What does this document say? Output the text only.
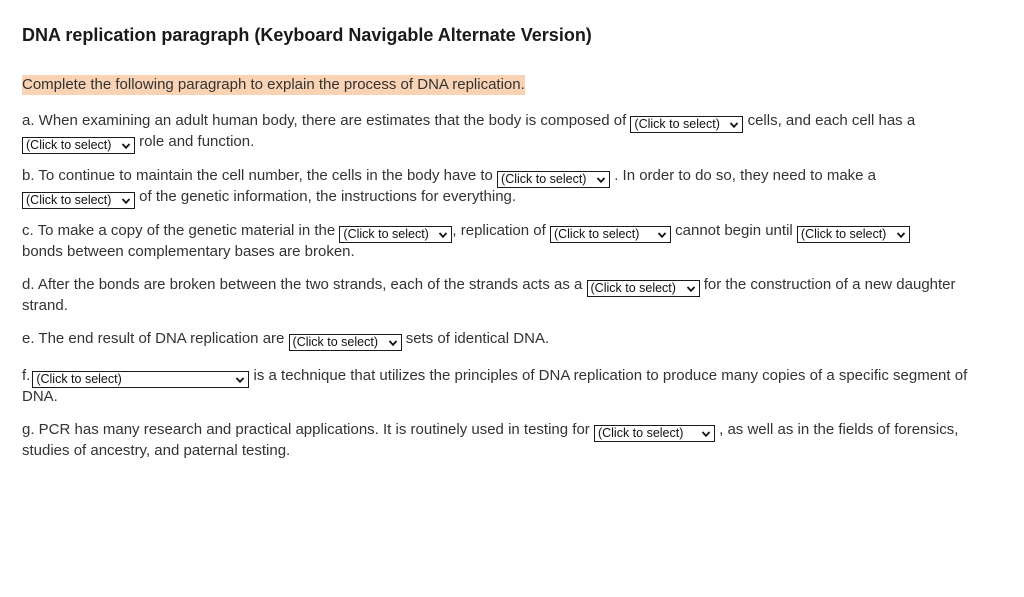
DNA replication paragraph (Keyboard Navigable Alternate Version)

Complete the following paragraph to explain the process of DNA replication.

a. When examining an adult human body, there are estimates that the body is composed of (Click to select) cells, and each cell has a

(Click to select) role and function.

b. To continue to maintain the cell number, the cells in the body have to (Click to select) . In order to do so, they need to make a

(Click to select) of the genetic information, the instructions for everything.

c. To make a copy of the genetic material in the (Click to select) , replication of (Click to select) cannot begin until (Click to select)

bonds between complementary bases are broken.

d. After the bonds are broken between the two strands, each of the strands acts as a (Click to select) for the construction of a new daughter strand.

e. The end result of DNA replication are (Click to select) sets of identical DNA.

f. (Click to select)	is a technique that utilizes the principles of DNA replication to produce many copies of a specific segment of DNA.

g. PCR has many research and practical applications. It is routinely used in testing for (Click to select) , as well as in the fields of forensics, studies of ancestry, and paternal testing.
